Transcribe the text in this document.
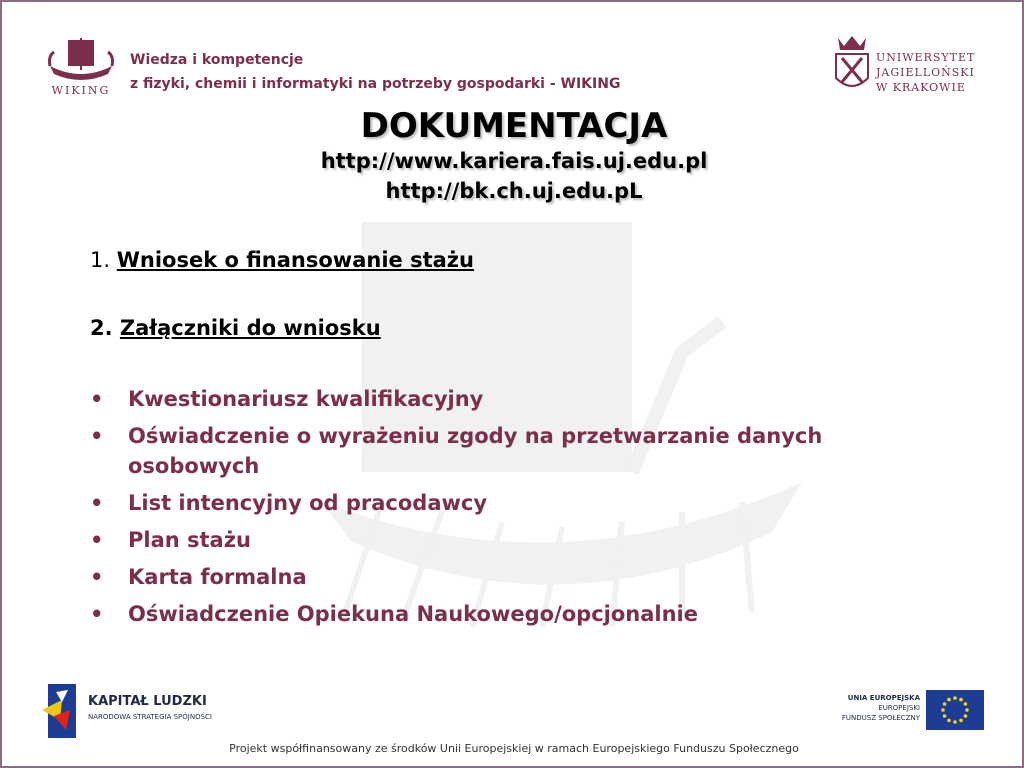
WIKING
Wiedza i kompetencje
z fizyki, chemii i informatyki na potrzeby gospodarki - WIKING
UNIWERSYTET
JAGIELLOŃSKI
W KRAKOWIE
DOKUMENTACJA
http://www.kariera.fais.uj.edu.pl
http://bk.ch.uj.edu.pL
1. Wniosek o finansowanie stażu
2. Załączniki do wniosku
• Kwestionariusz kwalifikacyjny
• Oświadczenie o wyrażeniu zgody na przetwarzanie danych osobowych
• List intencyjny od pracodawcy
• Plan stażu
• Karta formalna
• Oświadczenie Opiekuna Naukowego/opcjonalnie
KAPITAŁ LUDZKI
NARODOWA STRATEGIA SPÓJNOŚCI
UNIA EUROPEJSKA
EUROPEJSKI
FUNDUSZ SPOŁECZNY
Projekt współfinansowany ze środków Unii Europejskiej w ramach Europejskiego Funduszu Społecznego
